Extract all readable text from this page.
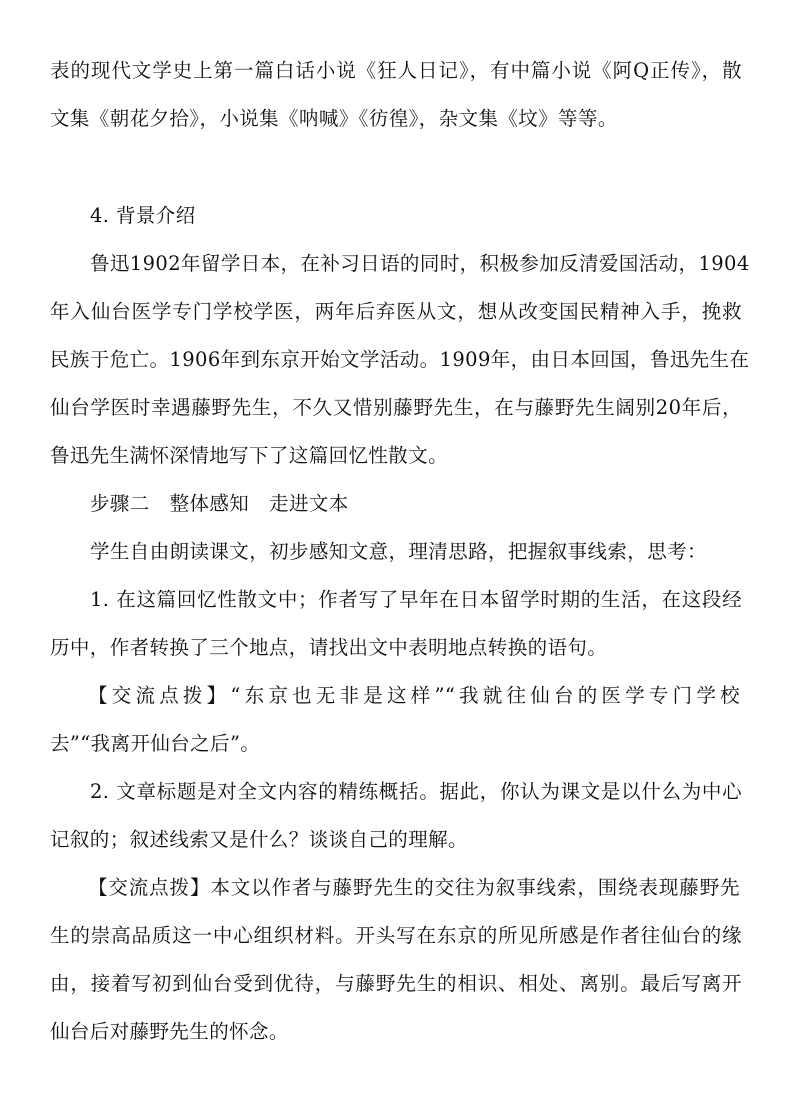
表的现代文学史上第一篇白话小说《狂人日记》，有中篇小说《阿Q正传》，散
文集《朝花夕拾》，小说集《呐喊》《彷徨》，杂文集《坟》等等。
4. 背景介绍
鲁迅1902年留学日本，在补习日语的同时，积极参加反清爱国活动，1904
年入仙台医学专门学校学医，两年后弃医从文，想从改变国民精神入手，挽救
民族于危亡。1906年到东京开始文学活动。1909年，由日本回国，鲁迅先生在
仙台学医时幸遇藤野先生，不久又惜别藤野先生，在与藤野先生阔别20年后，
鲁迅先生满怀深情地写下了这篇回忆性散文。
步骤二　整体感知　走进文本
学生自由朗读课文，初步感知文意，理清思路，把握叙事线索，思考：
1. 在这篇回忆性散文中；作者写了早年在日本留学时期的生活，在这段经
历中，作者转换了三个地点，请找出文中表明地点转换的语句。
【交流点拨】“东京也无非是这样”“我就往仙台的医学专门学校
去”“我离开仙台之后”。
2. 文章标题是对全文内容的精练概括。据此，你认为课文是以什么为中心
记叙的；叙述线索又是什么？谈谈自己的理解。
【交流点拨】本文以作者与藤野先生的交往为叙事线索，围绕表现藤野先
生的崇高品质这一中心组织材料。开头写在东京的所见所感是作者往仙台的缘
由，接着写初到仙台受到优待，与藤野先生的相识、相处、离别。最后写离开
仙台后对藤野先生的怀念。
